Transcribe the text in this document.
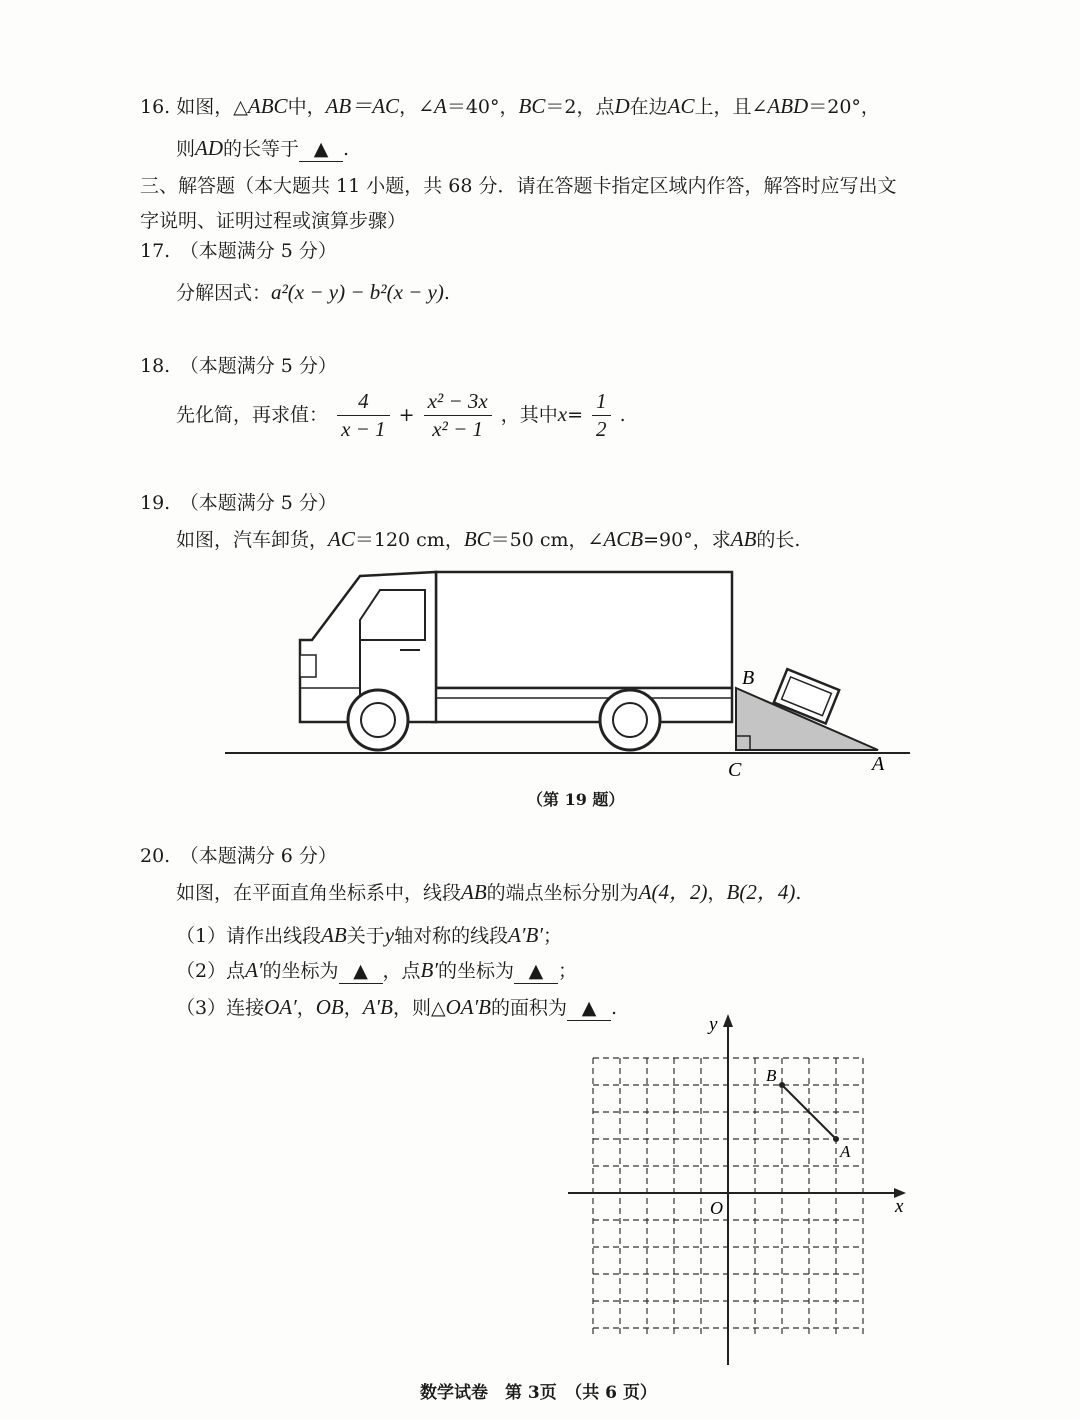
16. 如图，△ABC中，AB＝AC，∠A＝40°，BC＝2，点D在边AC上，且∠ABD＝20°，
则AD的长等于 ▲ .
三、解答题（本大题共 11 小题，共 68 分．请在答题卡指定区域内作答，解答时应写出文
字说明、证明过程或演算步骤）
17.　（本题满分 5 分）
分解因式：a²(x − y) − b²(x − y).
18.　（本题满分 5 分）
先化简，再求值： $\frac{4}{x - 1} + \frac{\text{x² − 3x}}{\text{x² − 1}}$ ，其中$x= \frac{1}{2}$ .
19.　（本题满分 5 分）
如图，汽车卸货，AC＝120 cm，BC＝50 cm，∠ACB=90°，求AB的长.
B
C	A
（第 19 题）
20.　（本题满分 6 分）
如图，在平面直角坐标系中，线段AB的端点坐标分别为A(4，2)，B(2，4).
（1）请作出线段AB关于y轴对称的线段A′B′；
（2）点A′的坐标为 ▲ ，点B′的坐标为 ▲ ；
（3）连接OA′，OB，A′B，则△OA′B的面积为 ▲ .
x
y
O
A
B
数学试卷　第 3页　（共 6 页）
